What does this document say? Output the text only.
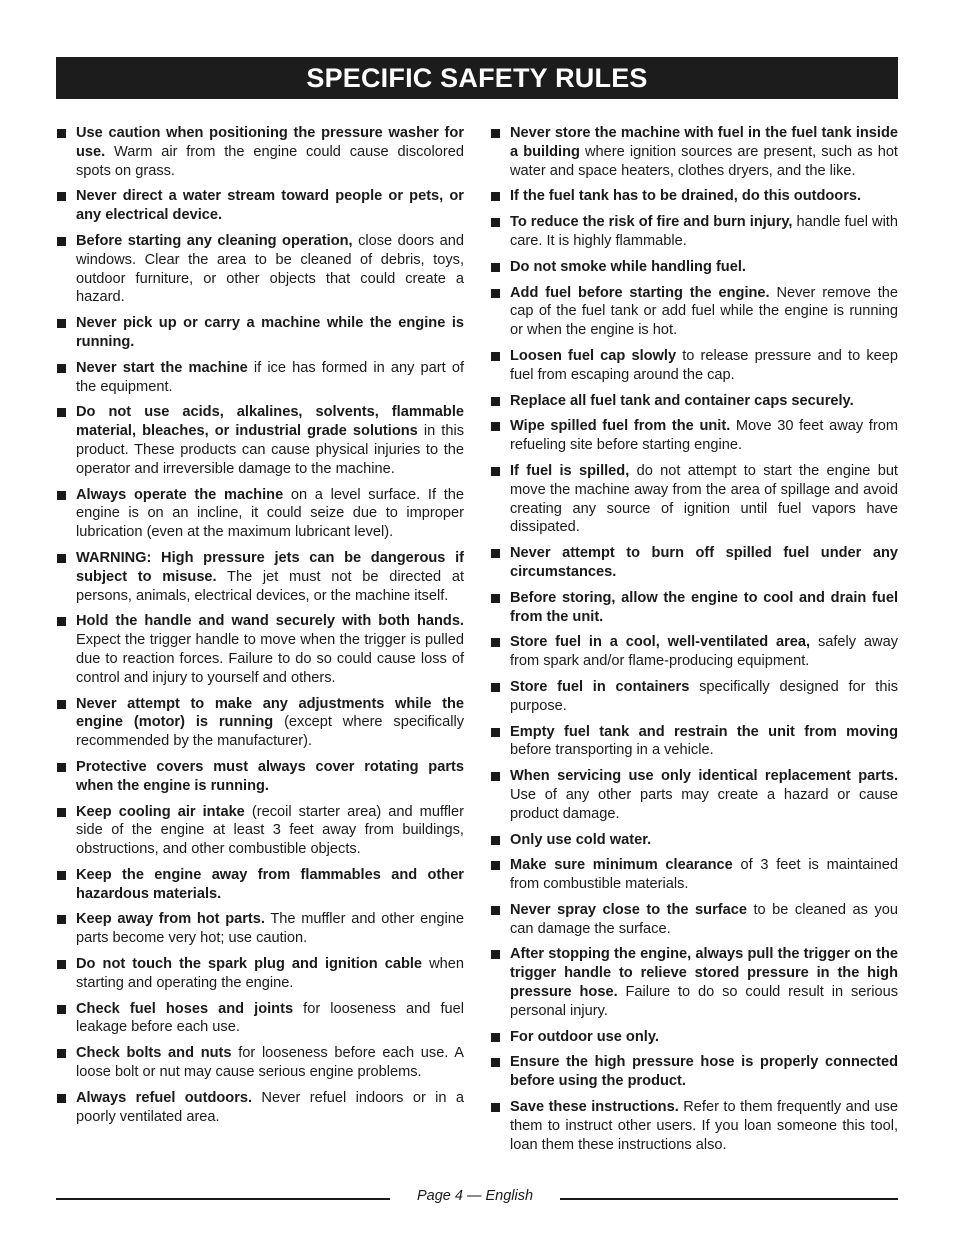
SPECIFIC SAFETY RULES
Use caution when positioning the pressure washer for use. Warm air from the engine could cause discolored spots on grass.
Never direct a water stream toward people or pets, or any electrical device.
Before starting any cleaning operation, close doors and windows. Clear the area to be cleaned of debris, toys, outdoor furniture, or other objects that could create a hazard.
Never pick up or carry a machine while the engine is running.
Never start the machine if ice has formed in any part of the equipment.
Do not use acids, alkalines, solvents, flammable material, bleaches, or industrial grade solutions in this product. These products can cause physical injuries to the operator and irreversible damage to the machine.
Always operate the machine on a level surface. If the engine is on an incline, it could seize due to improper lubrication (even at the maximum lubricant level).
WARNING: High pressure jets can be dangerous if subject to misuse. The jet must not be directed at persons, animals, electrical devices, or the machine itself.
Hold the handle and wand securely with both hands. Expect the trigger handle to move when the trigger is pulled due to reaction forces. Failure to do so could cause loss of control and injury to yourself and others.
Never attempt to make any adjustments while the engine (motor) is running (except where specifically recommended by the manufacturer).
Protective covers must always cover rotating parts when the engine is running.
Keep cooling air intake (recoil starter area) and muffler side of the engine at least 3 feet away from buildings, obstructions, and other combustible objects.
Keep the engine away from flammables and other hazardous materials.
Keep away from hot parts. The muffler and other engine parts become very hot; use caution.
Do not touch the spark plug and ignition cable when starting and operating the engine.
Check fuel hoses and joints for looseness and fuel leakage before each use.
Check bolts and nuts for looseness before each use. A loose bolt or nut may cause serious engine problems.
Always refuel outdoors. Never refuel indoors or in a poorly ventilated area.
Never store the machine with fuel in the fuel tank inside a building where ignition sources are present, such as hot water and space heaters, clothes dryers, and the like.
If the fuel tank has to be drained, do this outdoors.
To reduce the risk of fire and burn injury, handle fuel with care. It is highly flammable.
Do not smoke while handling fuel.
Add fuel before starting the engine. Never remove the cap of the fuel tank or add fuel while the engine is running or when the engine is hot.
Loosen fuel cap slowly to release pressure and to keep fuel from escaping around the cap.
Replace all fuel tank and container caps securely.
Wipe spilled fuel from the unit. Move 30 feet away from refueling site before starting engine.
If fuel is spilled, do not attempt to start the engine but move the machine away from the area of spillage and avoid creating any source of ignition until fuel vapors have dissipated.
Never attempt to burn off spilled fuel under any circumstances.
Before storing, allow the engine to cool and drain fuel from the unit.
Store fuel in a cool, well-ventilated area, safely away from spark and/or flame-producing equipment.
Store fuel in containers specifically designed for this purpose.
Empty fuel tank and restrain the unit from moving before transporting in a vehicle.
When servicing use only identical replacement parts. Use of any other parts may create a hazard or cause product damage.
Only use cold water.
Make sure minimum clearance of 3 feet is maintained from combustible materials.
Never spray close to the surface to be cleaned as you can damage the surface.
After stopping the engine, always pull the trigger on the trigger handle to relieve stored pressure in the high pressure hose. Failure to do so could result in serious personal injury.
For outdoor use only.
Ensure the high pressure hose is properly connected before using the product.
Save these instructions. Refer to them frequently and use them to instruct other users. If you loan someone this tool, loan them these instructions also.
Page 4 — English
